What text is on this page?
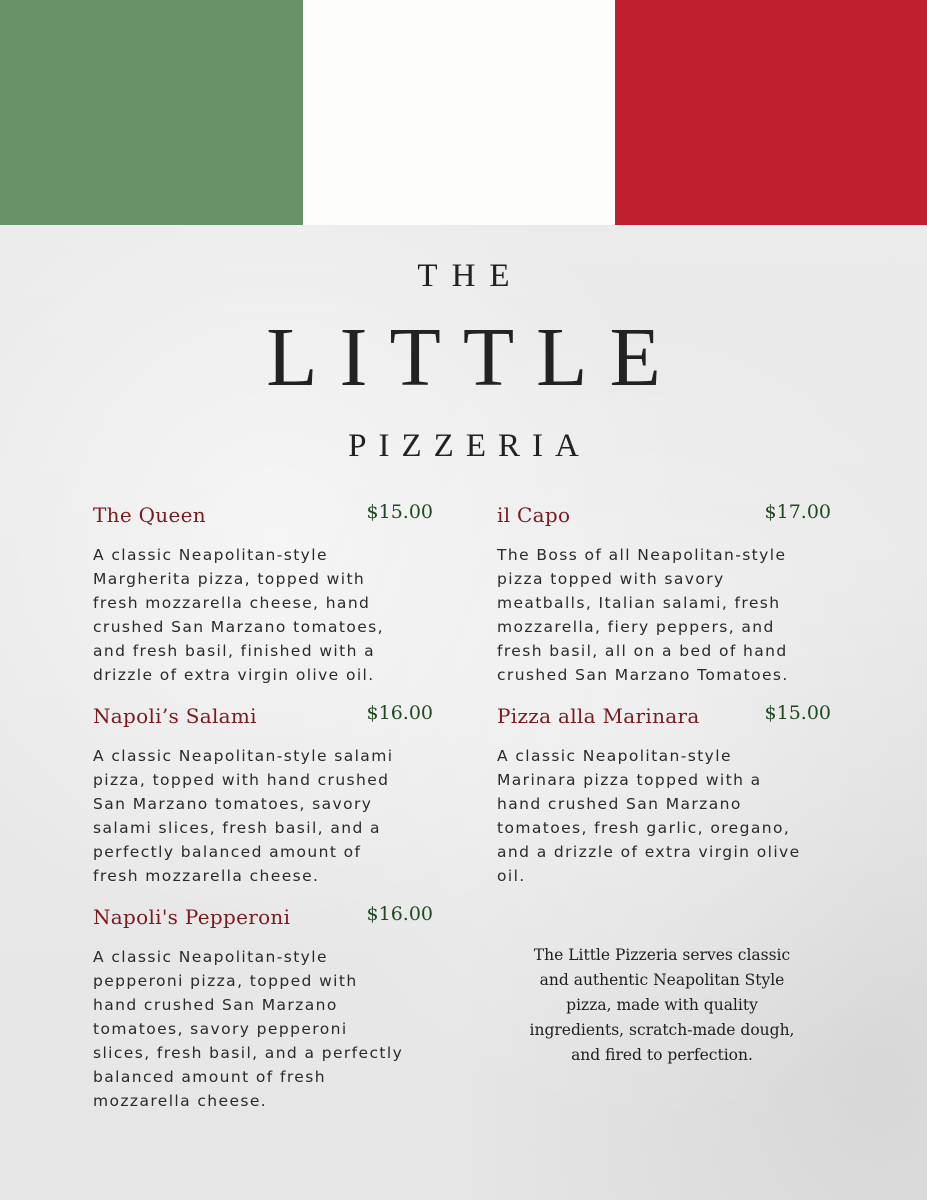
THE
LITTLE
PIZZERIA
The Queen	$15.00
A classic Neapolitan-style
Margherita pizza, topped with
fresh mozzarella cheese, hand
crushed San Marzano tomatoes,
and fresh basil, finished with a
drizzle of extra virgin olive oil.
Napoli’s Salami	$16.00
A classic Neapolitan-style salami
pizza, topped with hand crushed
San Marzano tomatoes, savory
salami slices, fresh basil, and a
perfectly balanced amount of
fresh mozzarella cheese.
Napoli's Pepperoni	$16.00
A classic Neapolitan-style
pepperoni pizza, topped with
hand crushed San Marzano
tomatoes, savory pepperoni
slices, fresh basil, and a perfectly
balanced amount of fresh
mozzarella cheese.
il Capo	$17.00
The Boss of all Neapolitan-style
pizza topped with savory
meatballs, Italian salami, fresh
mozzarella, fiery peppers, and
fresh basil, all on a bed of hand
crushed San Marzano Tomatoes.
Pizza alla Marinara	$15.00
A classic Neapolitan-style
Marinara pizza topped with a
hand crushed San Marzano
tomatoes, fresh garlic, oregano,
and a drizzle of extra virgin olive
oil.
The Little Pizzeria serves classic
and authentic Neapolitan Style
pizza, made with quality
ingredients, scratch-made dough,
and fired to perfection.
